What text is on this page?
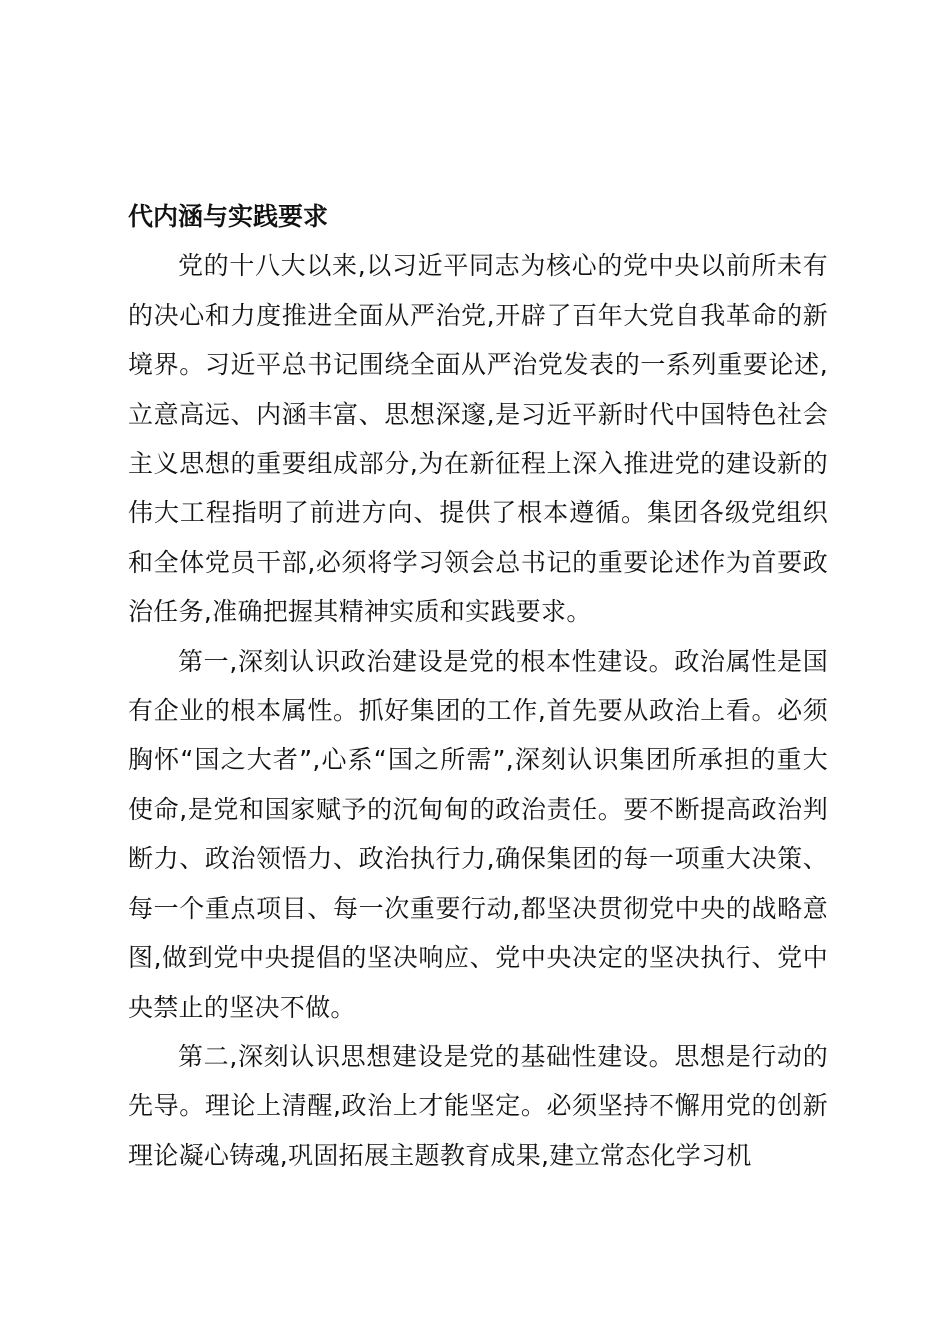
代内涵与实践要求

党的十八大以来,以习近平同志为核心的党中央以前所未有的决心和力度推进全面从严治党,开辟了百年大党自我革命的新境界。习近平总书记围绕全面从严治党发表的一系列重要论述,立意高远、内涵丰富、思想深邃,是习近平新时代中国特色社会主义思想的重要组成部分,为在新征程上深入推进党的建设新的伟大工程指明了前进方向、提供了根本遵循。集团各级党组织和全体党员干部,必须将学习领会总书记的重要论述作为首要政治任务,准确把握其精神实质和实践要求。

第一,深刻认识政治建设是党的根本性建设。政治属性是国有企业的根本属性。抓好集团的工作,首先要从政治上看。必须胸怀“国之大者”,心系“国之所需”,深刻认识集团所承担的重大使命,是党和国家赋予的沉甸甸的政治责任。要不断提高政治判断力、政治领悟力、政治执行力,确保集团的每一项重大决策、每一个重点项目、每一次重要行动,都坚决贯彻党中央的战略意图,做到党中央提倡的坚决响应、党中央决定的坚决执行、党中央禁止的坚决不做。

第二,深刻认识思想建设是党的基础性建设。思想是行动的先导。理论上清醒,政治上才能坚定。必须坚持不懈用党的创新理论凝心铸魂,巩固拓展主题教育成果,建立常态化学习机
